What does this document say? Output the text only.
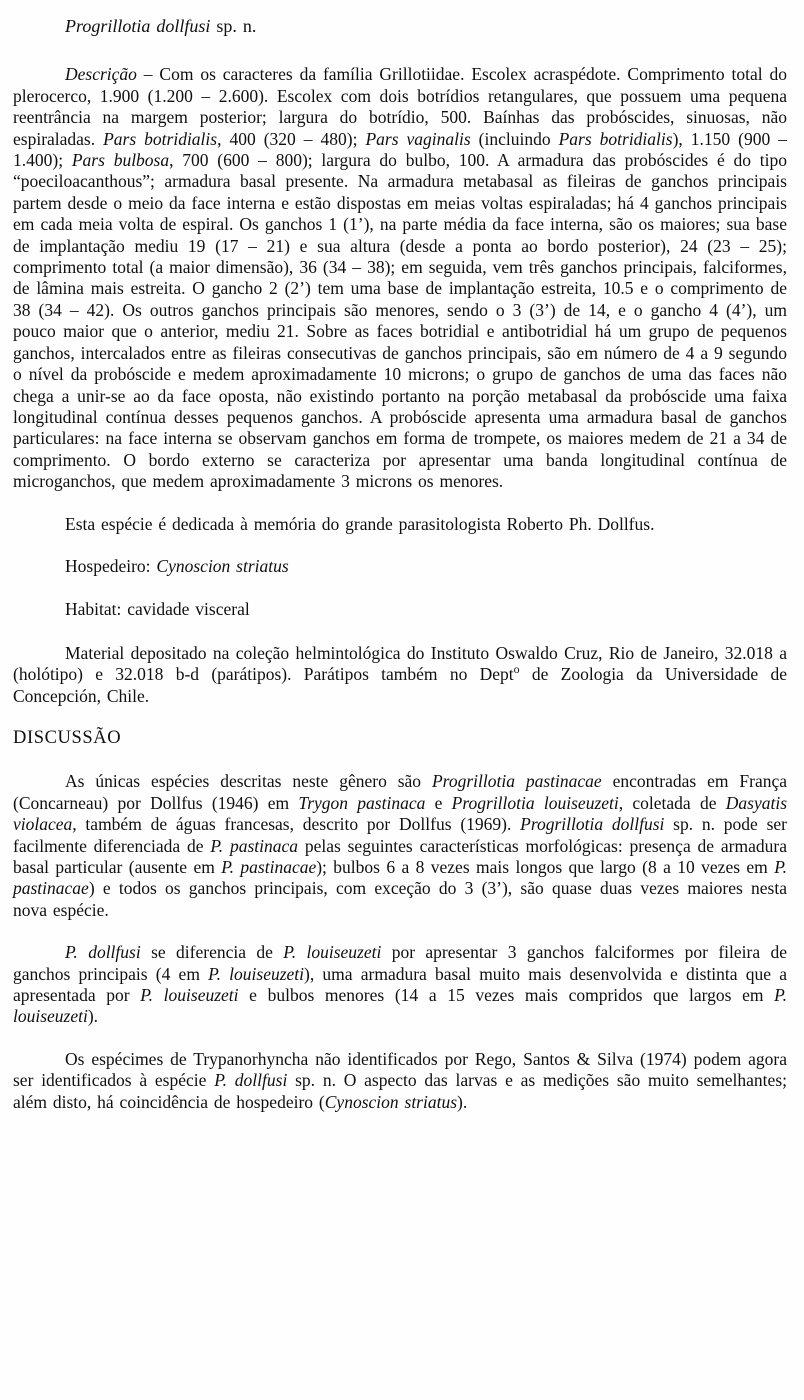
Progrillotia dollfusi sp. n.

Descrição – Com os caracteres da família Grillotiidae. Escolex acraspédote. Comprimento total do plerocerco, 1.900 (1.200 – 2.600). Escolex com dois botrídios retangulares, que possuem uma pequena reentrância na margem posterior; largura do botrídio, 500. Baínhas das probóscides, sinuosas, não espiraladas. Pars botridialis, 400 (320 – 480); Pars vaginalis (incluindo Pars botridialis), 1.150 (900 – 1.400); Pars bulbosa, 700 (600 – 800); largura do bulbo, 100. A armadura das probóscides é do tipo “poeciloacanthous”; armadura basal presente. Na armadura metabasal as fileiras de ganchos principais partem desde o meio da face interna e estão dispostas em meias voltas espiraladas; há 4 ganchos principais em cada meia volta de espiral. Os ganchos 1 (1’), na parte média da face interna, são os maiores; sua base de implantação mediu 19 (17 – 21) e sua altura (desde a ponta ao bordo posterior), 24 (23 – 25); comprimento total (a maior dimensão), 36 (34 – 38); em seguida, vem três ganchos principais, falciformes, de lâmina mais estreita. O gancho 2 (2’) tem uma base de implantação estreita, 10.5 e o comprimento de 38 (34 – 42). Os outros ganchos principais são menores, sendo o 3 (3’) de 14, e o gancho 4 (4’), um pouco maior que o anterior, mediu 21. Sobre as faces botridial e antibotridial há um grupo de pequenos ganchos, intercalados entre as fileiras consecutivas de ganchos principais, são em número de 4 a 9 segundo o nível da probóscide e medem aproximadamente 10 microns; o grupo de ganchos de uma das faces não chega a unir-se ao da face oposta, não existindo portanto na porção metabasal da probóscide uma faixa longitudinal contínua desses pequenos ganchos. A probóscide apresenta uma armadura basal de ganchos particulares: na face interna se observam ganchos em forma de trompete, os maiores medem de 21 a 34 de comprimento. O bordo externo se caracteriza por apresentar uma banda longitudinal contínua de microganchos, que medem aproximadamente 3 microns os menores.

Esta espécie é dedicada à memória do grande parasitologista Roberto Ph. Dollfus.

Hospedeiro: Cynoscion striatus

Habitat: cavidade visceral

Material depositado na coleção helmintológica do Instituto Oswaldo Cruz, Rio de Janeiro, 32.018 a (holótipo) e 32.018 b-d (parátipos). Parátipos também no Dept$^o$ de Zoologia da Universidade de Concepción, Chile.

DISCUSSÃO

As únicas espécies descritas neste gênero são Progrillotia pastinacae encontradas em França (Concarneau) por Dollfus (1946) em Trygon pastinaca e Progrillotia louiseuzeti, coletada de Dasyatis violacea, também de águas francesas, descrito por Dollfus (1969). Progrillotia dollfusi sp. n. pode ser facilmente diferenciada de P. pastinaca pelas seguintes características morfológicas: presença de armadura basal particular (ausente em P. pastinacae); bulbos 6 a 8 vezes mais longos que largo (8 a 10 vezes em P. pastinacae) e todos os ganchos principais, com exceção do 3 (3’), são quase duas vezes maiores nesta nova espécie.

P. dollfusi se diferencia de P. louiseuzeti por apresentar 3 ganchos falciformes por fileira de ganchos principais (4 em P. louiseuzeti), uma armadura basal muito mais desenvolvida e distinta que a apresentada por P. louiseuzeti e bulbos menores (14 a 15 vezes mais compridos que largos em P. louiseuzeti).

Os espécimes de Trypanorhyncha não identificados por Rego, Santos & Silva (1974) podem agora ser identificados à espécie P. dollfusi sp. n. O aspecto das larvas e as medições são muito semelhantes; além disto, há coincidência de hospedeiro (Cynoscion striatus).
